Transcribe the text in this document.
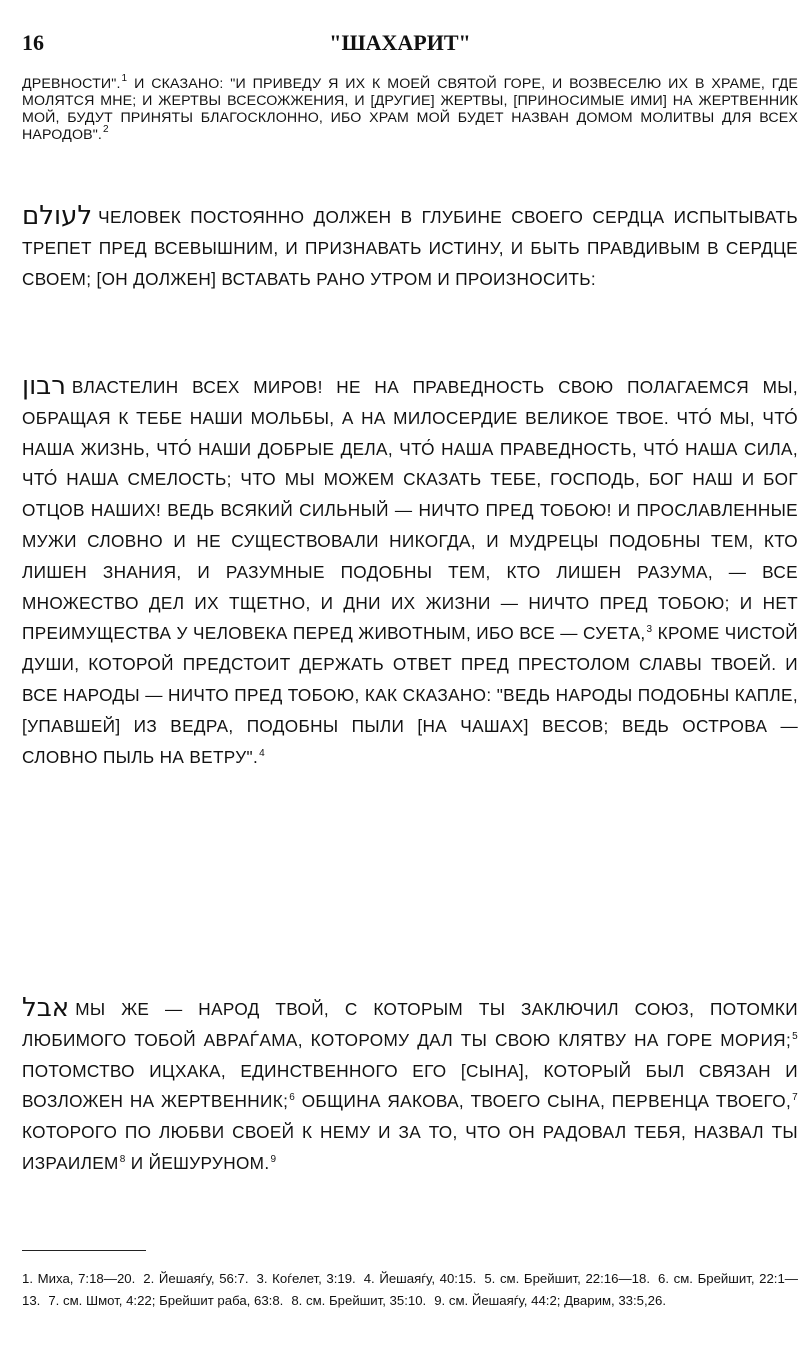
16	"ШАХАРИТ"

ДРЕВНОСТИ".$^1$ И СКАЗАНО: "И ПРИВЕДУ Я ИХ К МОЕЙ СВЯТОЙ ГОРЕ, И ВОЗВЕСЕЛЮ ИХ В ХРАМЕ, ГДЕ МОЛЯТСЯ МНЕ; И ЖЕРТВЫ ВСЕСОЖЖЕНИЯ, И [ДРУГИЕ] ЖЕРТВЫ, [ПРИНОСИМЫЕ ИМИ] НА ЖЕРТВЕННИК МОЙ, БУДУТ ПРИНЯТЫ БЛАГОСКЛОННО, ИБО ХРАМ МОЙ БУДЕТ НАЗВАН ДОМОМ МОЛИТВЫ ДЛЯ ВСЕХ НАРОДОВ".$^2$

לעולם ЧЕЛОВЕК ПОСТОЯННО ДОЛЖЕН В ГЛУБИНЕ СВОЕГО СЕРДЦА ИСПЫТЫВАТЬ ТРЕПЕТ ПРЕД ВСЕВЫШНИМ, И ПРИЗНАВАТЬ ИСТИНУ, И БЫТЬ ПРАВДИВЫМ В СЕРДЦЕ СВОЕМ; [ОН ДОЛЖЕН] ВСТАВАТЬ РАНО УТРОМ И ПРОИЗНОСИТЬ:

רבון ВЛАСТЕЛИН ВСЕХ МИРОВ! НЕ НА ПРАВЕДНОСТЬ СВОЮ ПОЛАГАЕМСЯ МЫ, ОБРАЩАЯ К ТЕБЕ НАШИ МОЛЬБЫ, А НА МИЛОСЕРДИЕ ВЕЛИКОЕ ТВОЕ. ЧТО́ МЫ, ЧТО́ НАША ЖИЗНЬ, ЧТО́ НАШИ ДОБРЫЕ ДЕЛА, ЧТО́ НАША ПРАВЕДНОСТЬ, ЧТО́ НАША СИЛА, ЧТО́ НАША СМЕЛОСТЬ; ЧТО МЫ МОЖЕМ СКАЗАТЬ ТЕБЕ, ГОСПОДЬ, БОГ НАШ И БОГ ОТЦОВ НАШИХ! ВЕДЬ ВСЯКИЙ СИЛЬНЫЙ — НИЧТО ПРЕД ТОБОЮ! И ПРОСЛАВЛЕННЫЕ МУЖИ СЛОВНО И НЕ СУЩЕСТВОВАЛИ НИКОГДА, И МУДРЕЦЫ ПОДОБНЫ ТЕМ, КТО ЛИШЕН ЗНАНИЯ, И РАЗУМНЫЕ ПОДОБНЫ ТЕМ, КТО ЛИШЕН РАЗУМА, — ВСЕ МНОЖЕСТВО ДЕЛ ИХ ТЩЕТНО, И ДНИ ИХ ЖИЗНИ — НИЧТО ПРЕД ТОБОЮ; И НЕТ ПРЕИМУЩЕСТВА У ЧЕЛОВЕКА ПЕРЕД ЖИВОТНЫМ, ИБО ВСЕ — СУЕТА,$^3$ КРОМЕ ЧИСТОЙ ДУШИ, КОТОРОЙ ПРЕДСТОИТ ДЕРЖАТЬ ОТВЕТ ПРЕД ПРЕСТОЛОМ СЛАВЫ ТВОЕЙ. И ВСЕ НАРОДЫ — НИЧТО ПРЕД ТОБОЮ, КАК СКАЗАНО: "ВЕДЬ НАРОДЫ ПОДОБНЫ КАПЛЕ, [УПАВШЕЙ] ИЗ ВЕДРА, ПОДОБНЫ ПЫЛИ [НА ЧАШАХ] ВЕСОВ; ВЕДЬ ОСТРОВА — СЛОВНО ПЫЛЬ НА ВЕТРУ".$^4$

אבל МЫ ЖЕ — НАРОД ТВОЙ, С КОТОРЫМ ТЫ ЗАКЛЮЧИЛ СОЮЗ, ПОТОМКИ ЛЮБИМОГО ТОБОЙ АВРАЃАМА, КОТОРОМУ ДАЛ ТЫ СВОЮ КЛЯТВУ НА ГОРЕ МОРИЯ;$^5$ ПОТОМСТВО ИЦХАКА, ЕДИНСТВЕННОГО ЕГО [СЫНА], КОТОРЫЙ БЫЛ СВЯЗАН И ВОЗЛОЖЕН НА ЖЕРТВЕННИК;$^6$ ОБЩИНА ЯАКОВА, ТВОЕГО СЫНА, ПЕРВЕНЦА ТВОЕГО,$^7$ КОТОРОГО ПО ЛЮБВИ СВОЕЙ К НЕМУ И ЗА ТО, ЧТО ОН РАДОВАЛ ТЕБЯ, НАЗВАЛ ТЫ ИЗРАИЛЕМ$^8$ И ЙЕШУРУНОМ.$^9$

1. Миха, 7:18—20. 2. Йешаяѓу, 56:7. 3. Коѓелет, 3:19. 4. Йешаяѓу, 40:15. 5. см. Брейшит, 22:16—18. 6. см. Брейшит, 22:1—13. 7. см. Шмот, 4:22; Брейшит раба, 63:8. 8. см. Брейшит, 35:10. 9. см. Йешаяѓу, 44:2; Дварим, 33:5,26.
